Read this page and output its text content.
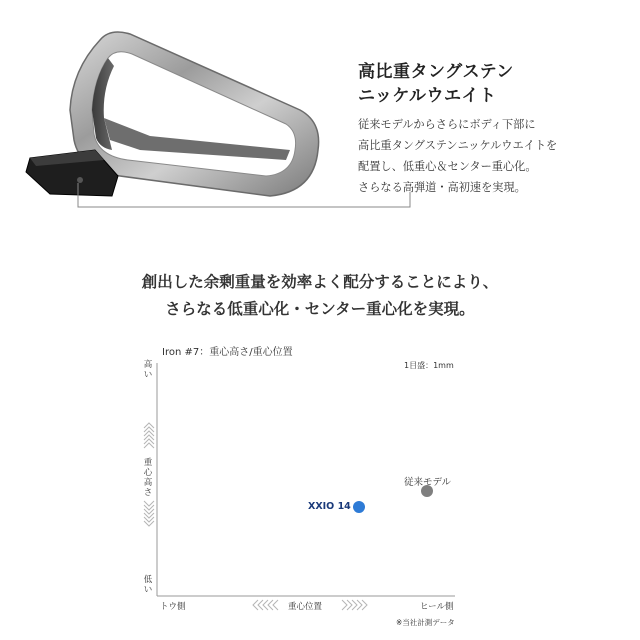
高比重タングステン
ニッケルウエイト
従来モデルからさらにボディ下部に
高比重タングステンニッケルウエイトを
配置し、低重心＆センター重心化。
さらなる高弾道・高初速を実現。
創出した余剰重量を効率よく配分することにより、
さらなる低重心化・センター重心化を実現。
Iron #7：重心高さ/重心位置
1目盛：1mm
高
い
重
心
高
さ
低
い
トウ側	重心位置	ヒール側
XXIO 14
従来モデル
※当社計測データ
